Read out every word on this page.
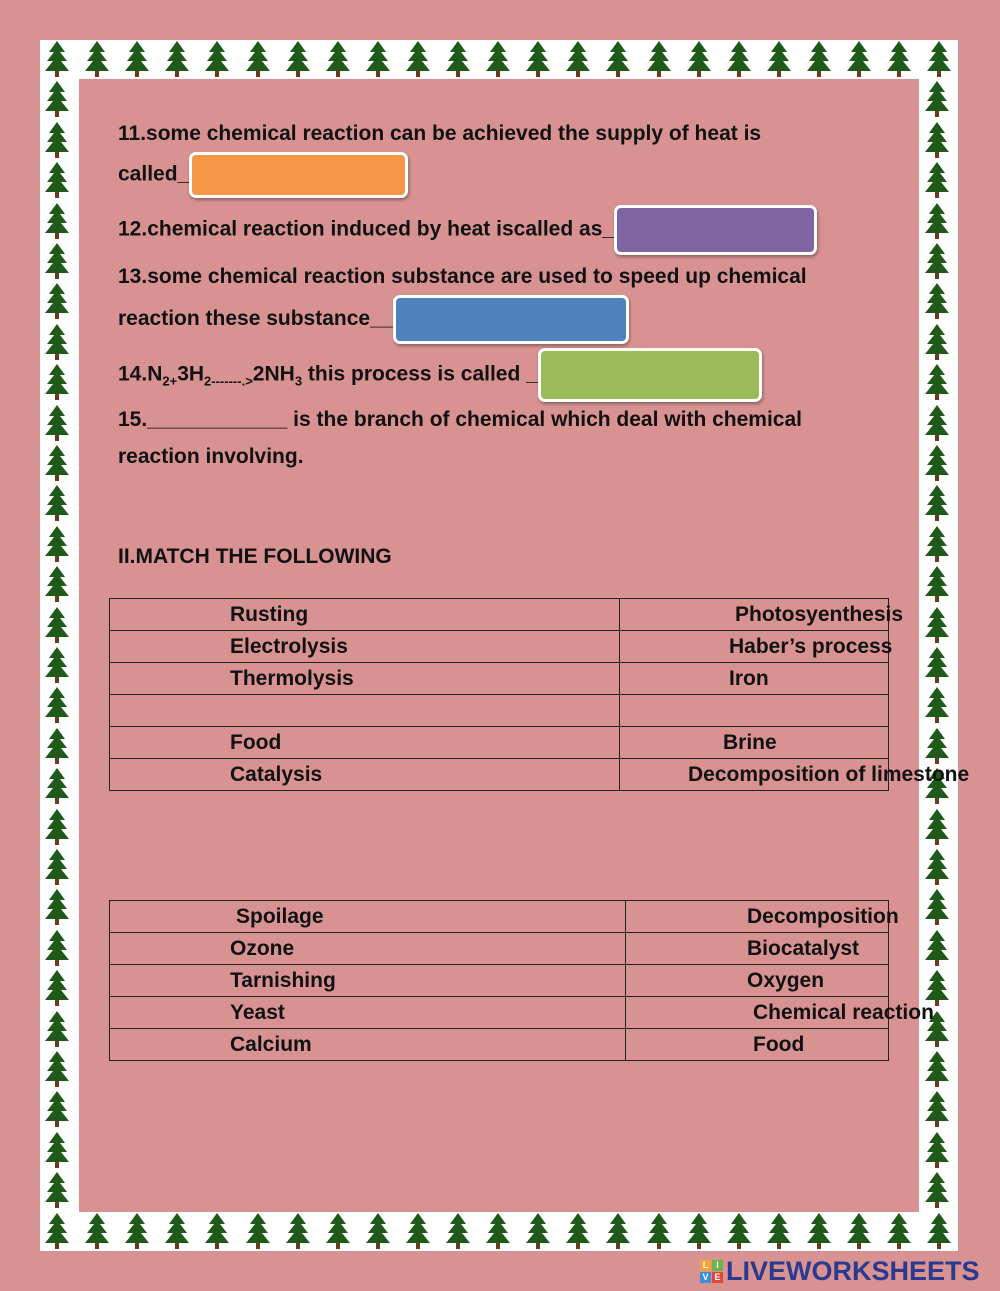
11.some chemical reaction can be achieved the supply of heat is
called_

12.chemical reaction induced by heat iscalled as_

13.some chemical reaction substance are used to speed up chemical
reaction these substance__

$14.N_{2+}3H_{2-------.>}2NH_3$ this process is called _

15.____________ is the branch of chemical which deal with chemical
reaction involving.

II.MATCH THE FOLLOWING

Rusting	Photosyenthesis
Electrolysis	Haber’s process
Thermolysis	Iron

Food	Brine
Catalysis	Decomposition of limestone
Spoilage	Decomposition
Ozone	Biocatalyst
Tarnishing	Oxygen
Yeast	Chemical reaction
Calcium	Food
L I
V E LIVEWORKSHEETS
